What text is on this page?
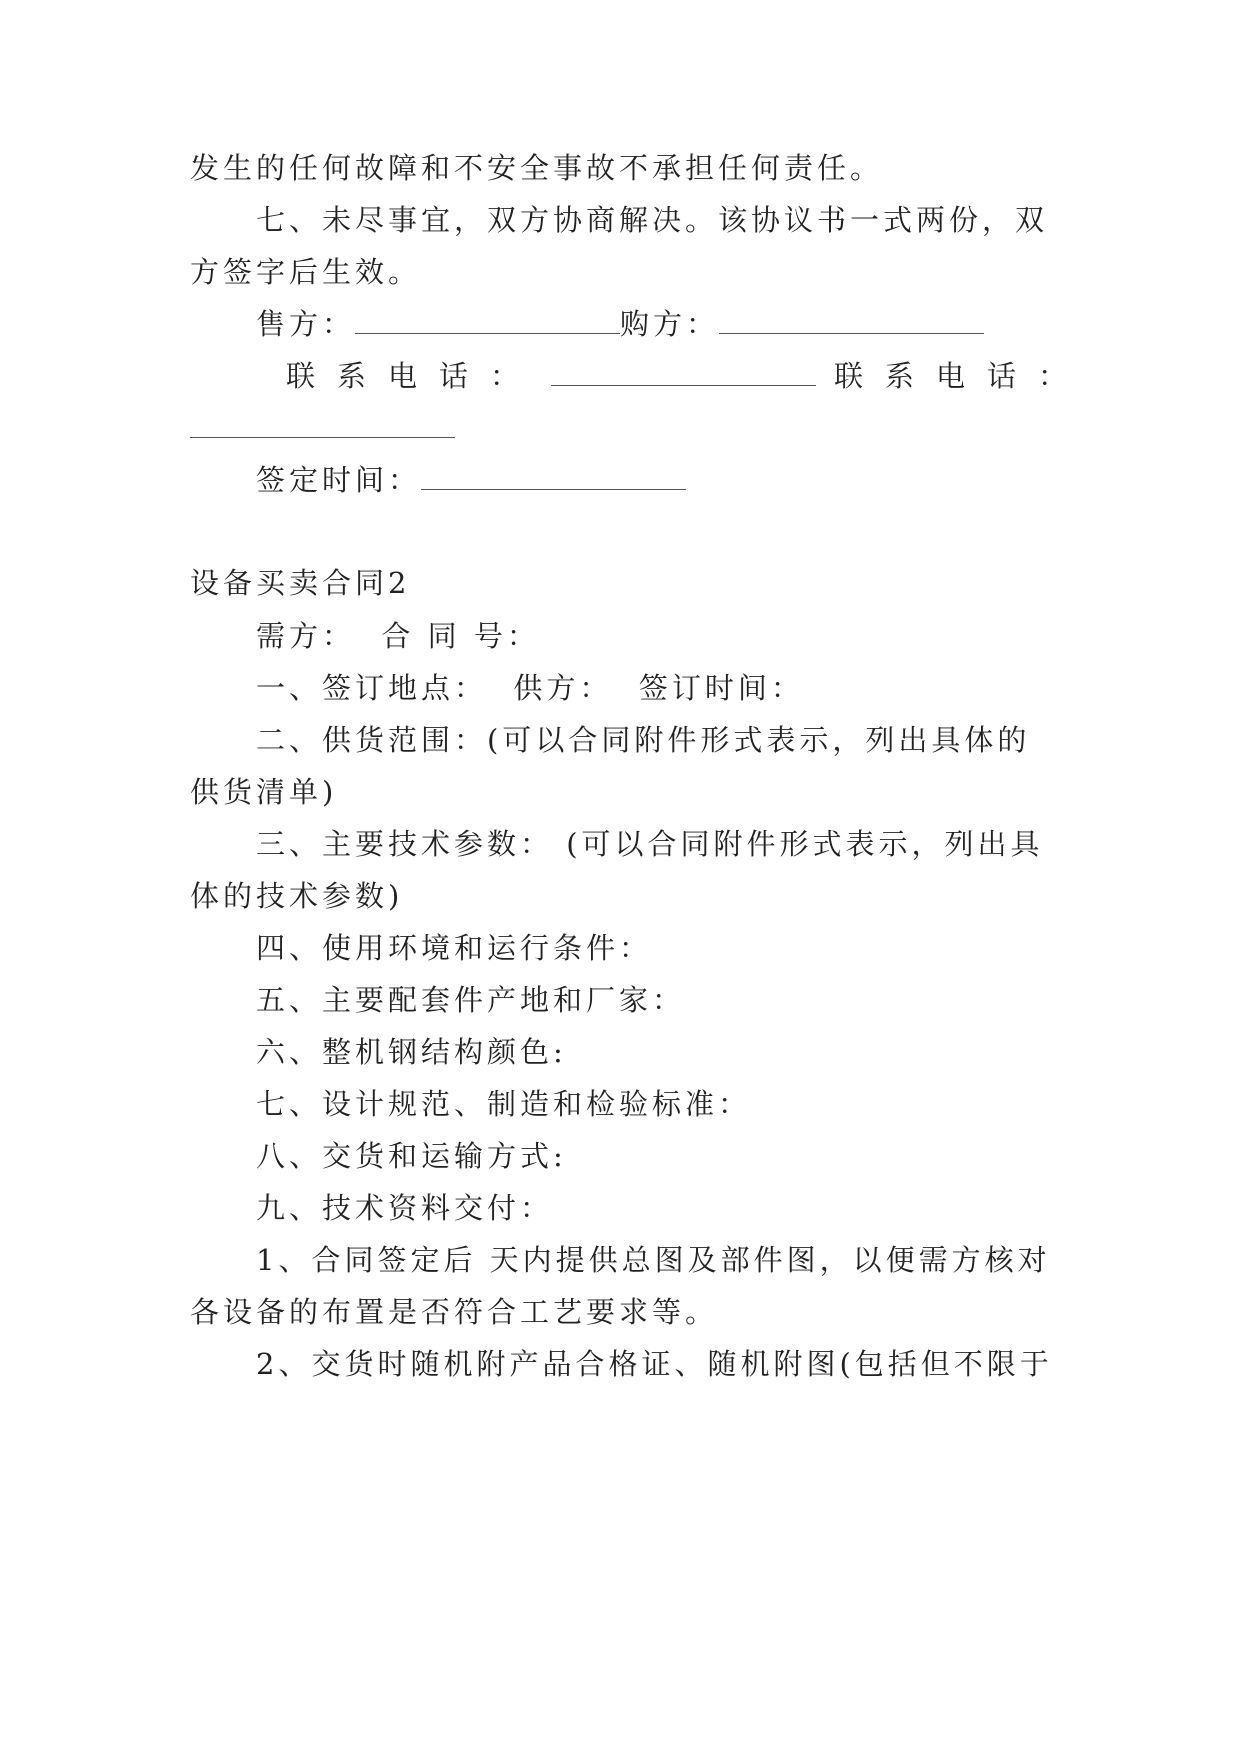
发生的任何故障和不安全事故不承担任何责任。
七、未尽事宜，双方协商解决。该协议书一式两份，双
方签字后生效。
售方：	购方：
联系电话：	联系电话：
签定时间：
设备买卖合同2
需方：  合 同 号：
一、签订地点：  供方：  签订时间：
二、供货范围：(可以合同附件形式表示，列出具体的
供货清单)
三、主要技术参数： (可以合同附件形式表示，列出具
体的技术参数)
四、使用环境和运行条件：
五、主要配套件产地和厂家：
六、整机钢结构颜色:
七、设计规范、制造和检验标准：
八、交货和运输方式:
九、技术资料交付：
1、合同签定后 天内提供总图及部件图，以便需方核对
各设备的布置是否符合工艺要求等。
2、交货时随机附产品合格证、随机附图(包括但不限于
